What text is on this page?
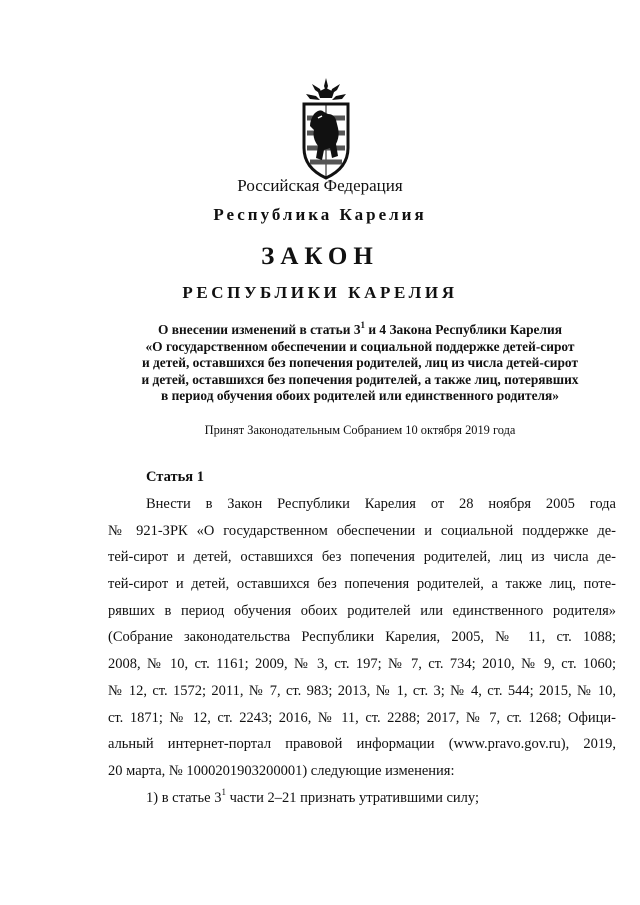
Российская Федерация
Республика Карелия
ЗАКОН
РЕСПУБЛИКИ КАРЕЛИЯ
О внесении изменений в статьи $3^1$ и 4 Закона Республики Карелия
«О государственном обеспечении и социальной поддержке детей-сирот
и детей, оставшихся без попечения родителей, лиц из числа детей-сирот
и детей, оставшихся без попечения родителей, а также лиц, потерявших
в период обучения обоих родителей или единственного родителя»
Принят Законодательным Собранием 10 октября 2019 года
Статья 1
Внести в Закон Республики Карелия от 28 ноября 2005 года
№ 921-ЗРК «О государственном обеспечении и социальной поддержке де-
тей-сирот и детей, оставшихся без попечения родителей, лиц из числа де-
тей-сирот и детей, оставшихся без попечения родителей, а также лиц, поте-
рявших в период обучения обоих родителей или единственного родителя»
(Собрание законодательства Республики Карелия, 2005, № 11, ст. 1088;
2008, № 10, ст. 1161; 2009, № 3, ст. 197; № 7, ст. 734; 2010, № 9, ст. 1060;
№ 12, ст. 1572; 2011, № 7, ст. 983; 2013, № 1, ст. 3; № 4, ст. 544; 2015, № 10,
ст. 1871; № 12, ст. 2243; 2016, № 11, ст. 2288; 2017, № 7, ст. 1268; Офици-
альный интернет-портал правовой информации (www.pravo.gov.ru), 2019,
20 марта, № 1000201903200001) следующие изменения:
1) в статье $3^1$ части 2–21 признать утратившими силу;
